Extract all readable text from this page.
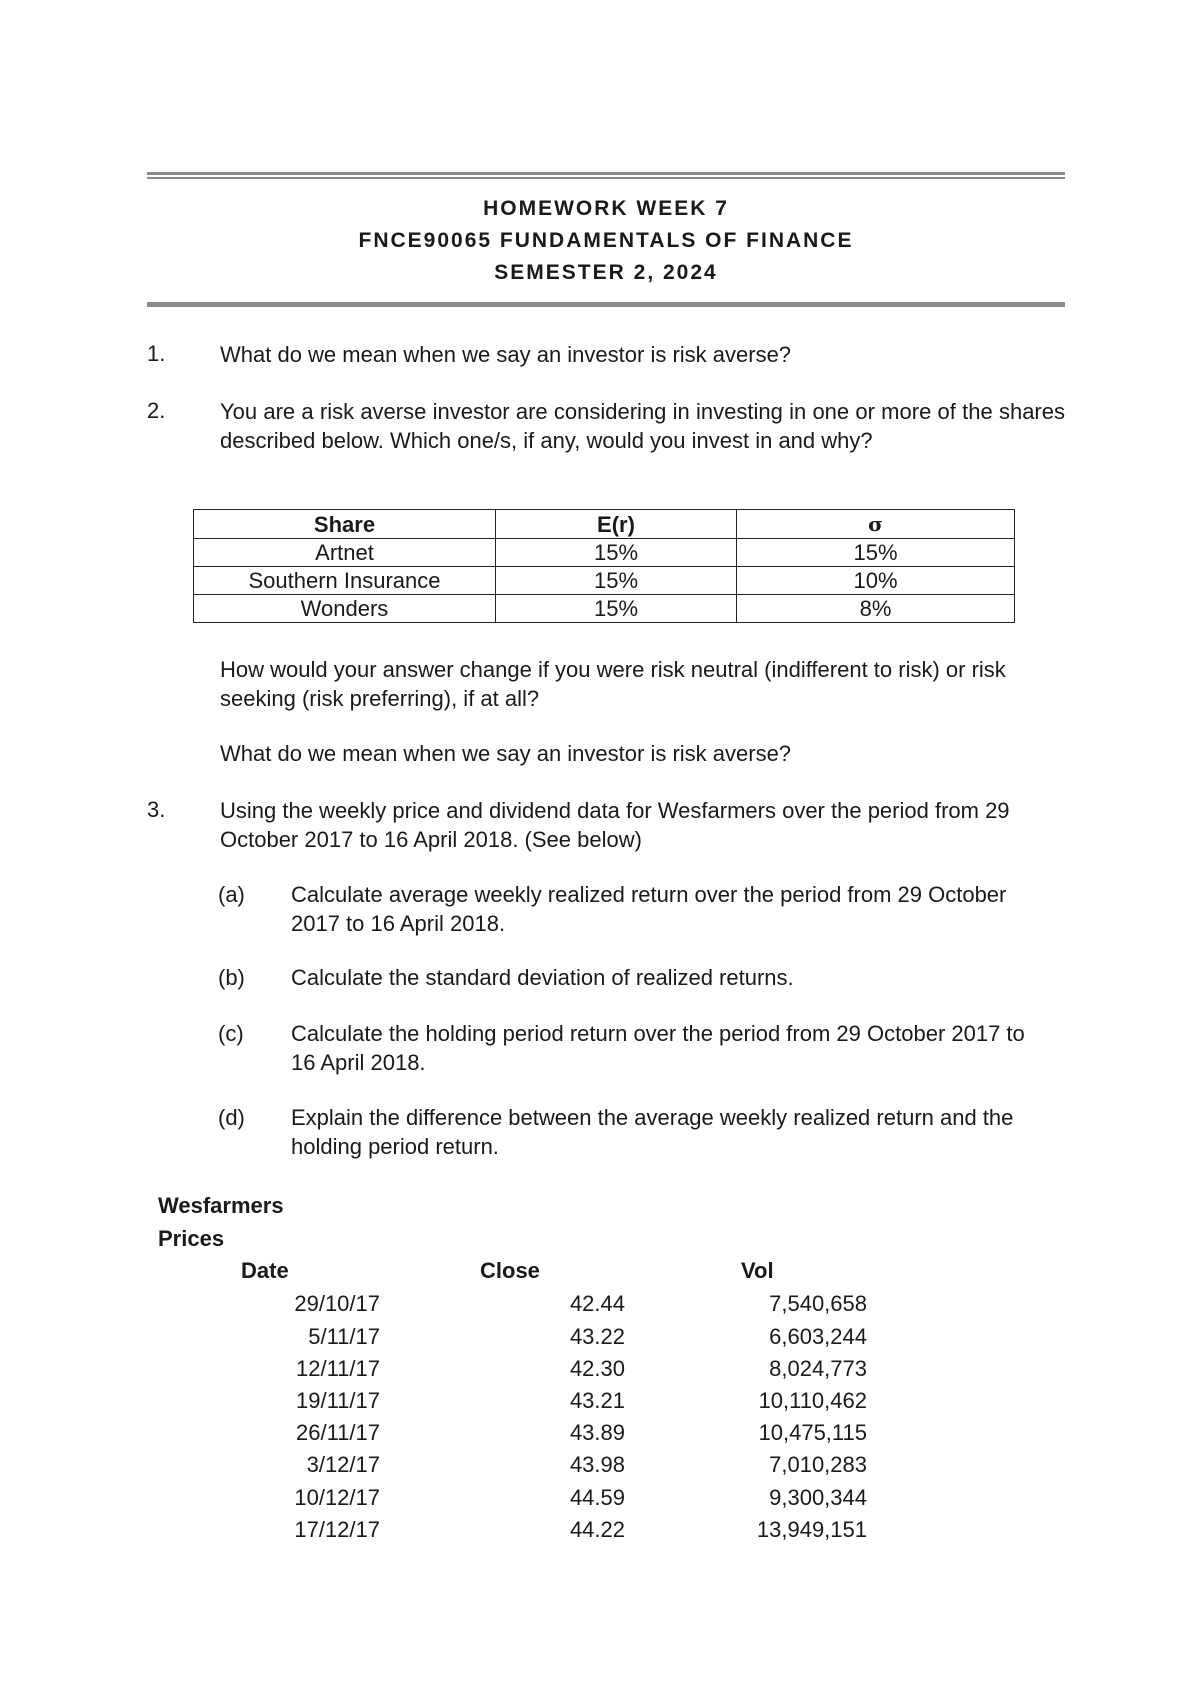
HOMEWORK WEEK 7
FNCE90065 FUNDAMENTALS OF FINANCE
SEMESTER 2, 2024
1. What do we mean when we say an investor is risk averse?
2. You are a risk averse investor are considering in investing in one or more of the shares described below. Which one/s, if any, would you invest in and why?
Share	E(r)	σ
Artnet	15%	15%
Southern Insurance	15%	10%
Wonders	15%	8%
How would your answer change if you were risk neutral (indifferent to risk) or risk seeking (risk preferring), if at all?
What do we mean when we say an investor is risk averse?
3. Using the weekly price and dividend data for Wesfarmers over the period from 29 October 2017 to 16 April 2018. (See below)
(a) Calculate average weekly realized return over the period from 29 October 2017 to 16 April 2018.
(b) Calculate the standard deviation of realized returns.
(c) Calculate the holding period return over the period from 29 October 2017 to 16 April 2018.
(d) Explain the difference between the average weekly realized return and the holding period return.
Wesfarmers
Prices
Date	Close	Vol
29/10/17	42.44	7,540,658
5/11/17	43.22	6,603,244
12/11/17	42.30	8,024,773
19/11/17	43.21	10,110,462
26/11/17	43.89	10,475,115
3/12/17	43.98	7,010,283
10/12/17	44.59	9,300,344
17/12/17	44.22	13,949,151
